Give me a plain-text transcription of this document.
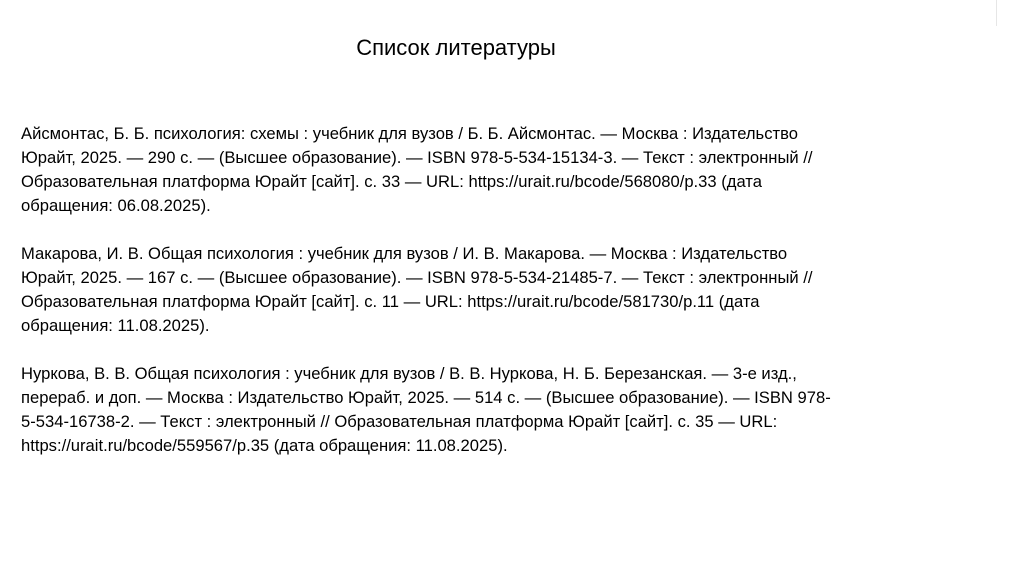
Список литературы

Айсмонтас, Б. Б. психология: схемы : учебник для вузов / Б. Б. Айсмонтас. — Москва : Издательство
Юрайт, 2025. — 290 с. — (Высшее образование). — ISBN 978-5-534-15134-3. — Текст : электронный //
Образовательная платформа Юрайт [сайт]. с. 33 — URL: https://urait.ru/bcode/568080/p.33 (дата
обращения: 06.08.2025).

Макарова, И. В. Общая психология : учебник для вузов / И. В. Макарова. — Москва : Издательство
Юрайт, 2025. — 167 с. — (Высшее образование). — ISBN 978-5-534-21485-7. — Текст : электронный //
Образовательная платформа Юрайт [сайт]. с. 11 — URL: https://urait.ru/bcode/581730/p.11 (дата
обращения: 11.08.2025).

Нуркова, В. В. Общая психология : учебник для вузов / В. В. Нуркова, Н. Б. Березанская. — 3-е изд.,
перераб. и доп. — Москва : Издательство Юрайт, 2025. — 514 с. — (Высшее образование). — ISBN 978-
5-534-16738-2. — Текст : электронный // Образовательная платформа Юрайт [сайт]. с. 35 — URL:
https://urait.ru/bcode/559567/p.35 (дата обращения: 11.08.2025).
